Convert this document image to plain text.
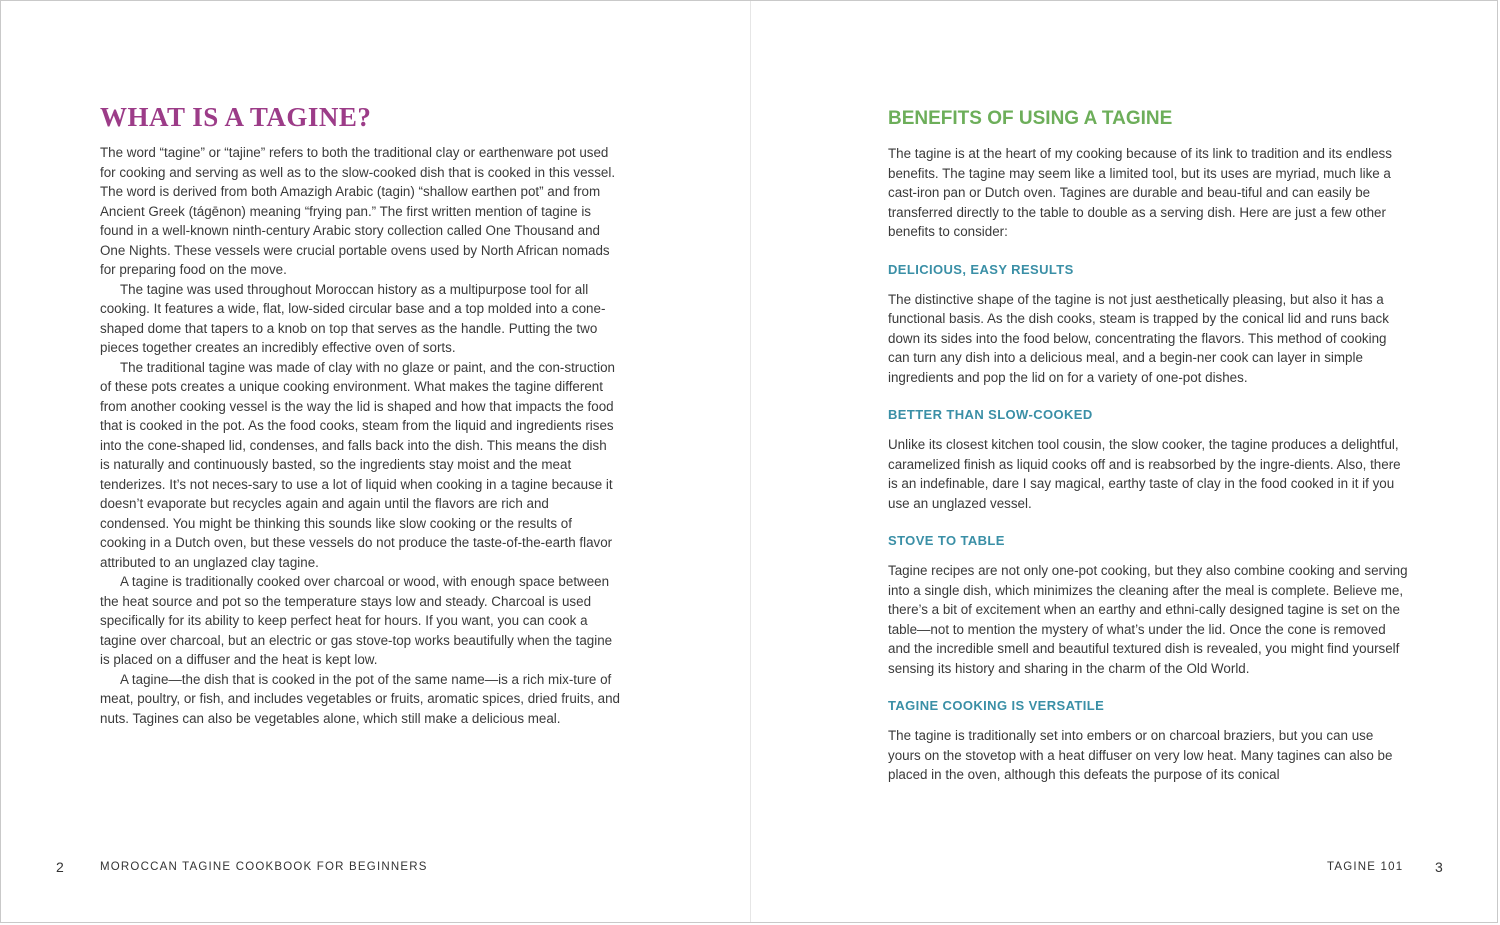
WHAT IS A TAGINE?

The word “tagine” or “tajine” refers to both the traditional clay or earthenware pot used for cooking and serving as well as to the slow-cooked dish that is cooked in this vessel. The word is derived from both Amazigh Arabic (tagin) “shallow earthen pot” and from Ancient Greek (tágēnon) meaning “frying pan.” The first written mention of tagine is found in a well-known ninth-century Arabic story collection called One Thousand and One Nights. These vessels were crucial portable ovens used by North African nomads for preparing food on the move.

The tagine was used throughout Moroccan history as a multipurpose tool for all cooking. It features a wide, flat, low-sided circular base and a top molded into a cone-shaped dome that tapers to a knob on top that serves as the handle. Putting the two pieces together creates an incredibly effective oven of sorts.

The traditional tagine was made of clay with no glaze or paint, and the con-struction of these pots creates a unique cooking environment. What makes the tagine different from another cooking vessel is the way the lid is shaped and how that impacts the food that is cooked in the pot. As the food cooks, steam from the liquid and ingredients rises into the cone-shaped lid, condenses, and falls back into the dish. This means the dish is naturally and continuously basted, so the ingredients stay moist and the meat tenderizes. It’s not neces-sary to use a lot of liquid when cooking in a tagine because it doesn’t evaporate but recycles again and again until the flavors are rich and condensed. You might be thinking this sounds like slow cooking or the results of cooking in a Dutch oven, but these vessels do not produce the taste-of-the-earth flavor attributed to an unglazed clay tagine.

A tagine is traditionally cooked over charcoal or wood, with enough space between the heat source and pot so the temperature stays low and steady. Charcoal is used specifically for its ability to keep perfect heat for hours. If you want, you can cook a tagine over charcoal, but an electric or gas stove-top works beautifully when the tagine is placed on a diffuser and the heat is kept low.

A tagine—the dish that is cooked in the pot of the same name—is a rich mix-ture of meat, poultry, or fish, and includes vegetables or fruits, aromatic spices, dried fruits, and nuts. Tagines can also be vegetables alone, which still make a delicious meal.

BENEFITS OF USING A TAGINE

The tagine is at the heart of my cooking because of its link to tradition and its endless benefits. The tagine may seem like a limited tool, but its uses are myriad, much like a cast-iron pan or Dutch oven. Tagines are durable and beau-tiful and can easily be transferred directly to the table to double as a serving dish. Here are just a few other benefits to consider:

DELICIOUS, EASY RESULTS

The distinctive shape of the tagine is not just aesthetically pleasing, but also it has a functional basis. As the dish cooks, steam is trapped by the conical lid and runs back down its sides into the food below, concentrating the flavors. This method of cooking can turn any dish into a delicious meal, and a begin-ner cook can layer in simple ingredients and pop the lid on for a variety of one-pot dishes.

BETTER THAN SLOW-COOKED

Unlike its closest kitchen tool cousin, the slow cooker, the tagine produces a delightful, caramelized finish as liquid cooks off and is reabsorbed by the ingre-dients. Also, there is an indefinable, dare I say magical, earthy taste of clay in the food cooked in it if you use an unglazed vessel.

STOVE TO TABLE

Tagine recipes are not only one-pot cooking, but they also combine cooking and serving into a single dish, which minimizes the cleaning after the meal is complete. Believe me, there’s a bit of excitement when an earthy and ethni-cally designed tagine is set on the table—not to mention the mystery of what’s under the lid. Once the cone is removed and the incredible smell and beautiful textured dish is revealed, you might find yourself sensing its history and sharing in the charm of the Old World.

TAGINE COOKING IS VERSATILE

The tagine is traditionally set into embers or on charcoal braziers, but you can use yours on the stovetop with a heat diffuser on very low heat. Many tagines can also be placed in the oven, although this defeats the purpose of its conical

2	MOROCCAN TAGINE COOKBOOK FOR BEGINNERS	TAGINE 101 3
